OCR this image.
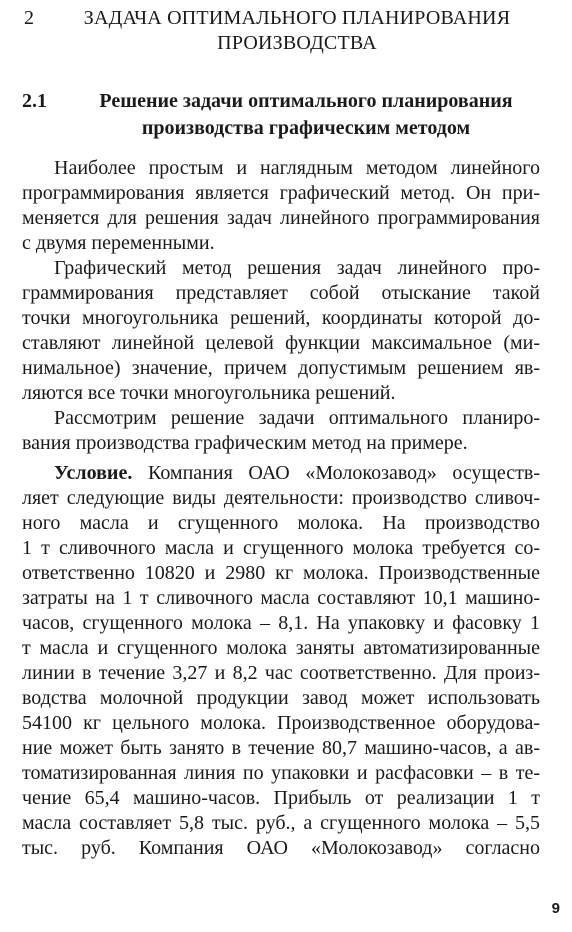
2	ЗАДАЧА ОПТИМАЛЬНОГО ПЛАНИРОВАНИЯ
ПРОИЗВОДСТВА
2.1	Решение задачи оптимального планирования
производства графическим методом
Наиболее простым и наглядным методом линейного
программирования является графический метод. Он при-
меняется для решения задач линейного программирования
с двумя переменными.
Графический метод решения задач линейного про-
граммирования представляет собой отыскание такой
точки многоугольника решений, координаты которой до-
ставляют линейной целевой функции максимальное (ми-
нимальное) значение, причем допустимым решением яв-
ляются все точки многоугольника решений.
Рассмотрим решение задачи оптимального планиро-
вания производства графическим метод на примере.
Условие. Компания ОАО «Молокозавод» осуществ-
ляет следующие виды деятельности: производство сливоч-
ного масла и сгущенного молока. На производство
1 т сливочного масла и сгущенного молока требуется со-
ответственно 10820 и 2980 кг молока. Производственные
затраты на 1 т сливочного масла составляют 10,1 машино-
часов, сгущенного молока – 8,1. На упаковку и фасовку 1
т масла и сгущенного молока заняты автоматизированные
линии в течение 3,27 и 8,2 час соответственно. Для произ-
водства молочной продукции завод может использовать
54100 кг цельного молока. Производственное оборудова-
ние может быть занято в течение 80,7 машино-часов, а ав-
томатизированная линия по упаковки и расфасовки – в те-
чение 65,4 машино-часов. Прибыль от реализации 1 т
масла составляет 5,8 тыс. руб., а сгущенного молока – 5,5
тыс. руб. Компания ОАО «Молокозавод» согласно
9
